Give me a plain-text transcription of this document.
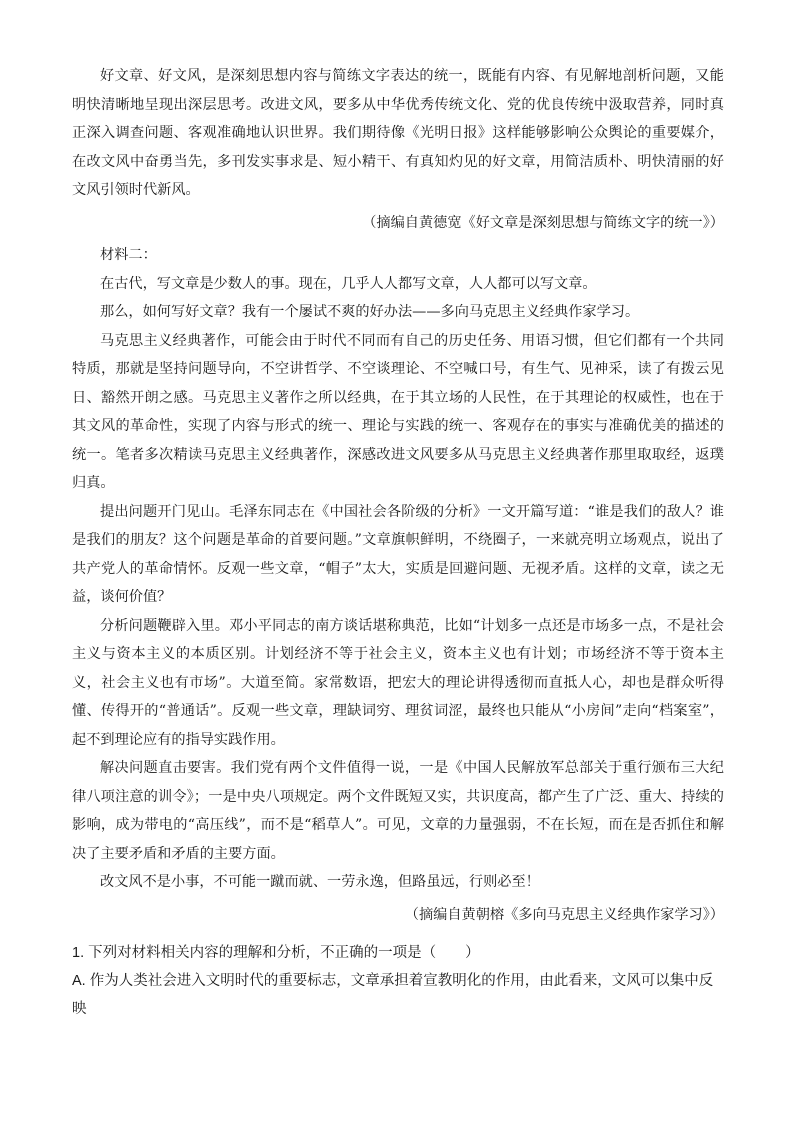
好文章、好文风，是深刻思想内容与简练文字表达的统一，既能有内容、有见解地剖析问题，又能明快清晰地呈现出深层思考。改进文风，要多从中华优秀传统文化、党的优良传统中汲取营养，同时真正深入调查问题、客观准确地认识世界。我们期待像《光明日报》这样能够影响公众舆论的重要媒介，在改文风中奋勇当先，多刊发实事求是、短小精干、有真知灼见的好文章，用简洁质朴、明快清丽的好文风引领时代新风。

（摘编自黄德宽《好文章是深刻思想与简练文字的统一》）

材料二：

在古代，写文章是少数人的事。现在，几乎人人都写文章，人人都可以写文章。

那么，如何写好文章？我有一个屡试不爽的好办法——多向马克思主义经典作家学习。

马克思主义经典著作，可能会由于时代不同而有自己的历史任务、用语习惯，但它们都有一个共同特质，那就是坚持问题导向，不空讲哲学、不空谈理论、不空喊口号，有生气、见神采，读了有拨云见日、豁然开朗之感。马克思主义著作之所以经典，在于其立场的人民性，在于其理论的权威性，也在于其文风的革命性，实现了内容与形式的统一、理论与实践的统一、客观存在的事实与准确优美的描述的统一。笔者多次精读马克思主义经典著作，深感改进文风要多从马克思主义经典著作那里取取经，返璞归真。

提出问题开门见山。毛泽东同志在《中国社会各阶级的分析》一文开篇写道：“谁是我们的敌人？谁是我们的朋友？这个问题是革命的首要问题。”文章旗帜鲜明，不绕圈子，一来就亮明立场观点，说出了共产党人的革命情怀。反观一些文章，“帽子”太大，实质是回避问题、无视矛盾。这样的文章，读之无益，谈何价值？

分析问题鞭辟入里。邓小平同志的南方谈话堪称典范，比如“计划多一点还是市场多一点，不是社会主义与资本主义的本质区别。计划经济不等于社会主义，资本主义也有计划；市场经济不等于资本主义，社会主义也有市场”。大道至简。家常数语，把宏大的理论讲得透彻而直抵人心，却也是群众听得懂、传得开的“普通话”。反观一些文章，理缺词穷、理贫词涩，最终也只能从“小房间”走向“档案室”，起不到理论应有的指导实践作用。

解决问题直击要害。我们党有两个文件值得一说，一是《中国人民解放军总部关于重行颁布三大纪律八项注意的训令》；一是中央八项规定。两个文件既短又实，共识度高，都产生了广泛、重大、持续的影响，成为带电的“高压线”，而不是“稻草人”。可见，文章的力量强弱，不在长短，而在是否抓住和解决了主要矛盾和矛盾的主要方面。

改文风不是小事，不可能一蹴而就、一劳永逸，但路虽远，行则必至！

（摘编自黄朝榕《多向马克思主义经典作家学习》）

1. 下列对材料相关内容的理解和分析，不正确的一项是（　　）

A. 作为人类社会进入文明时代的重要标志，文章承担着宣教明化的作用，由此看来，文风可以集中反映
